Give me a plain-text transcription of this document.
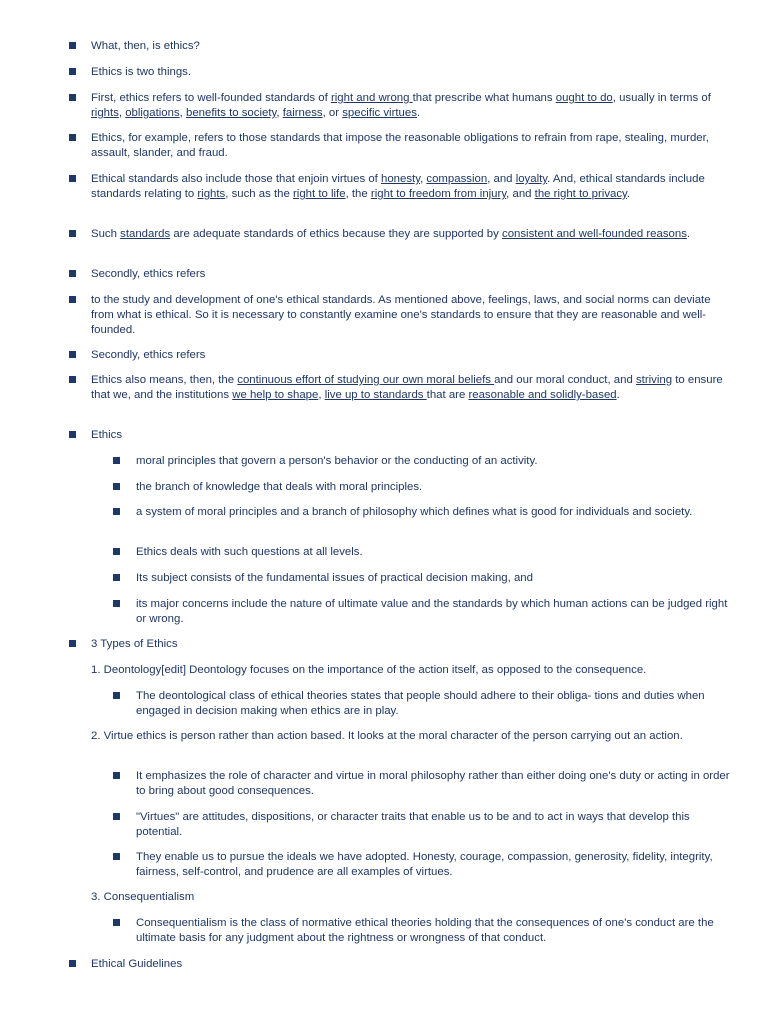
What, then, is ethics?
Ethics is two things.
First, ethics refers to well-founded standards of right and wrong that prescribe what humans ought to do, usually in terms of rights, obligations, benefits to society, fairness, or specific virtues.
Ethics, for example, refers to those standards that impose the reasonable obligations to refrain from rape, stealing, murder, assault, slander, and fraud.
Ethical standards also include those that enjoin virtues of honesty, compassion, and loyalty. And, ethical standards include standards relating to rights, such as the right to life, the right to freedom from injury, and the right to privacy.
Such standards are adequate standards of ethics because they are supported by consistent and well-founded reasons.
Secondly, ethics refers
to the study and development of one's ethical standards. As mentioned above, feelings, laws, and social norms can deviate from what is ethical. So it is necessary to constantly examine one's standards to ensure that they are reasonable and well-founded.
Secondly, ethics refers
Ethics also means, then, the continuous effort of studying our own moral beliefs and our moral conduct, and striving to ensure that we, and the institutions we help to shape, live up to standards that are reasonable and solidly-based.
Ethics
moral principles that govern a person's behavior or the conducting of an activity.
the branch of knowledge that deals with moral principles.
a system of moral principles and a branch of philosophy which defines what is good for individuals and society.
Ethics deals with such questions at all levels.
Its subject consists of the fundamental issues of practical decision making, and
its major concerns include the nature of ultimate value and the standards by which human actions can be judged right or wrong.
3 Types of Ethics
1. Deontology[edit] Deontology focuses on the importance of the action itself, as opposed to the consequence.
The deontological class of ethical theories states that people should adhere to their obliga- tions and duties when engaged in decision making when ethics are in play.
2. Virtue ethics is person rather than action based. It looks at the moral character of the person carrying out an action.
It emphasizes the role of character and virtue in moral philosophy rather than either doing one's duty or acting in order to bring about good consequences.
"Virtues" are attitudes, dispositions, or character traits that enable us to be and to act in ways that develop this potential.
They enable us to pursue the ideals we have adopted. Honesty, courage, compassion, generosity, fidelity, integrity, fairness, self-control, and prudence are all examples of virtues.
3. Consequentialism
Consequentialism is the class of normative ethical theories holding that the consequences of one's conduct are the ultimate basis for any judgment about the rightness or wrongness of that conduct.
Ethical Guidelines
